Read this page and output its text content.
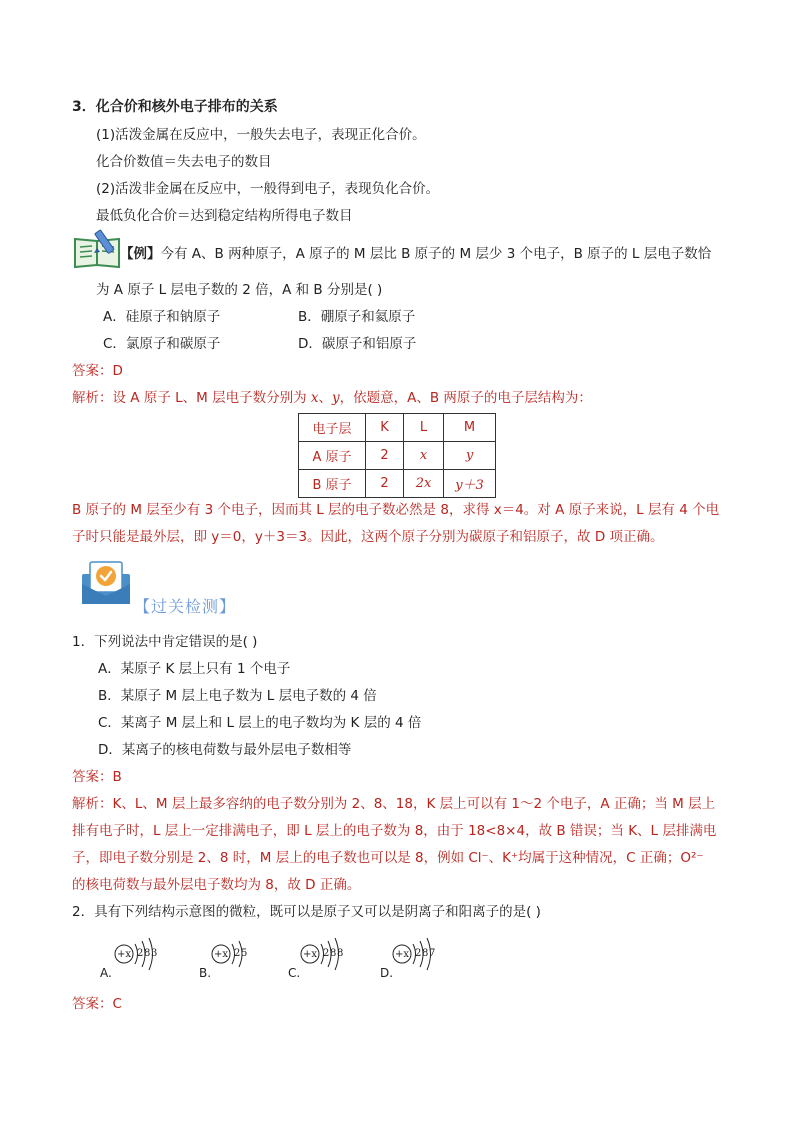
3．化合价和核外电子排布的关系
(1)活泼金属在反应中，一般失去电子，表现正化合价。
化合价数值＝失去电子的数目
(2)活泼非金属在反应中，一般得到电子，表现负化合价。
最低负化合价＝达到稳定结构所得电子数目
【例】今有 A、B 两种原子，A 原子的 M 层比 B 原子的 M 层少 3 个电子，B 原子的 L 层电子数恰
为 A 原子 L 层电子数的 2 倍，A 和 B 分别是( )
A．硅原子和钠原子	B．硼原子和氦原子
C．氯原子和碳原子	D．碳原子和铝原子
答案：D
解析：设 A 原子 L、M 层电子数分别为 x、y，依题意，A、B 两原子的电子层结构为：
电子层	K	L	M
A 原子	2	x	y
B 原子	2	2x	y＋3
B 原子的 M 层至少有 3 个电子，因而其 L 层的电子数必然是 8，求得 x＝4。对 A 原子来说，L 层有 4 个电
子时只能是最外层，即 y＝0，y＋3＝3。因此，这两个原子分别为碳原子和铝原子，故 D 项正确。
【过关检测】
1．下列说法中肯定错误的是( )
A．某原子 K 层上只有 1 个电子
B．某原子 M 层上电子数为 L 层电子数的 4 倍
C．某离子 M 层上和 L 层上的电子数均为 K 层的 4 倍
D．某离子的核电荷数与最外层电子数相等
答案：B
解析：K、L、M 层上最多容纳的电子数分别为 2、8、18，K 层上可以有 1～2 个电子，A 正确；当 M 层上
排有电子时，L 层上一定排满电子，即 L 层上的电子数为 8，由于 18<8×4，故 B 错误；当 K、L 层排满电
子，即电子数分别是 2、8 时，M 层上的电子数也可以是 8，例如 Cl⁻、K⁺均属于这种情况，C 正确；O²⁻
的核电荷数与最外层电子数均为 8，故 D 正确。
2．具有下列结构示意图的微粒，既可以是原子又可以是阴离子和阳离子的是( )
A.
+x 2 8 3
B.
+x 2 5
C.
+x 2 8 8
D.
+x 2 8 7
答案：C
